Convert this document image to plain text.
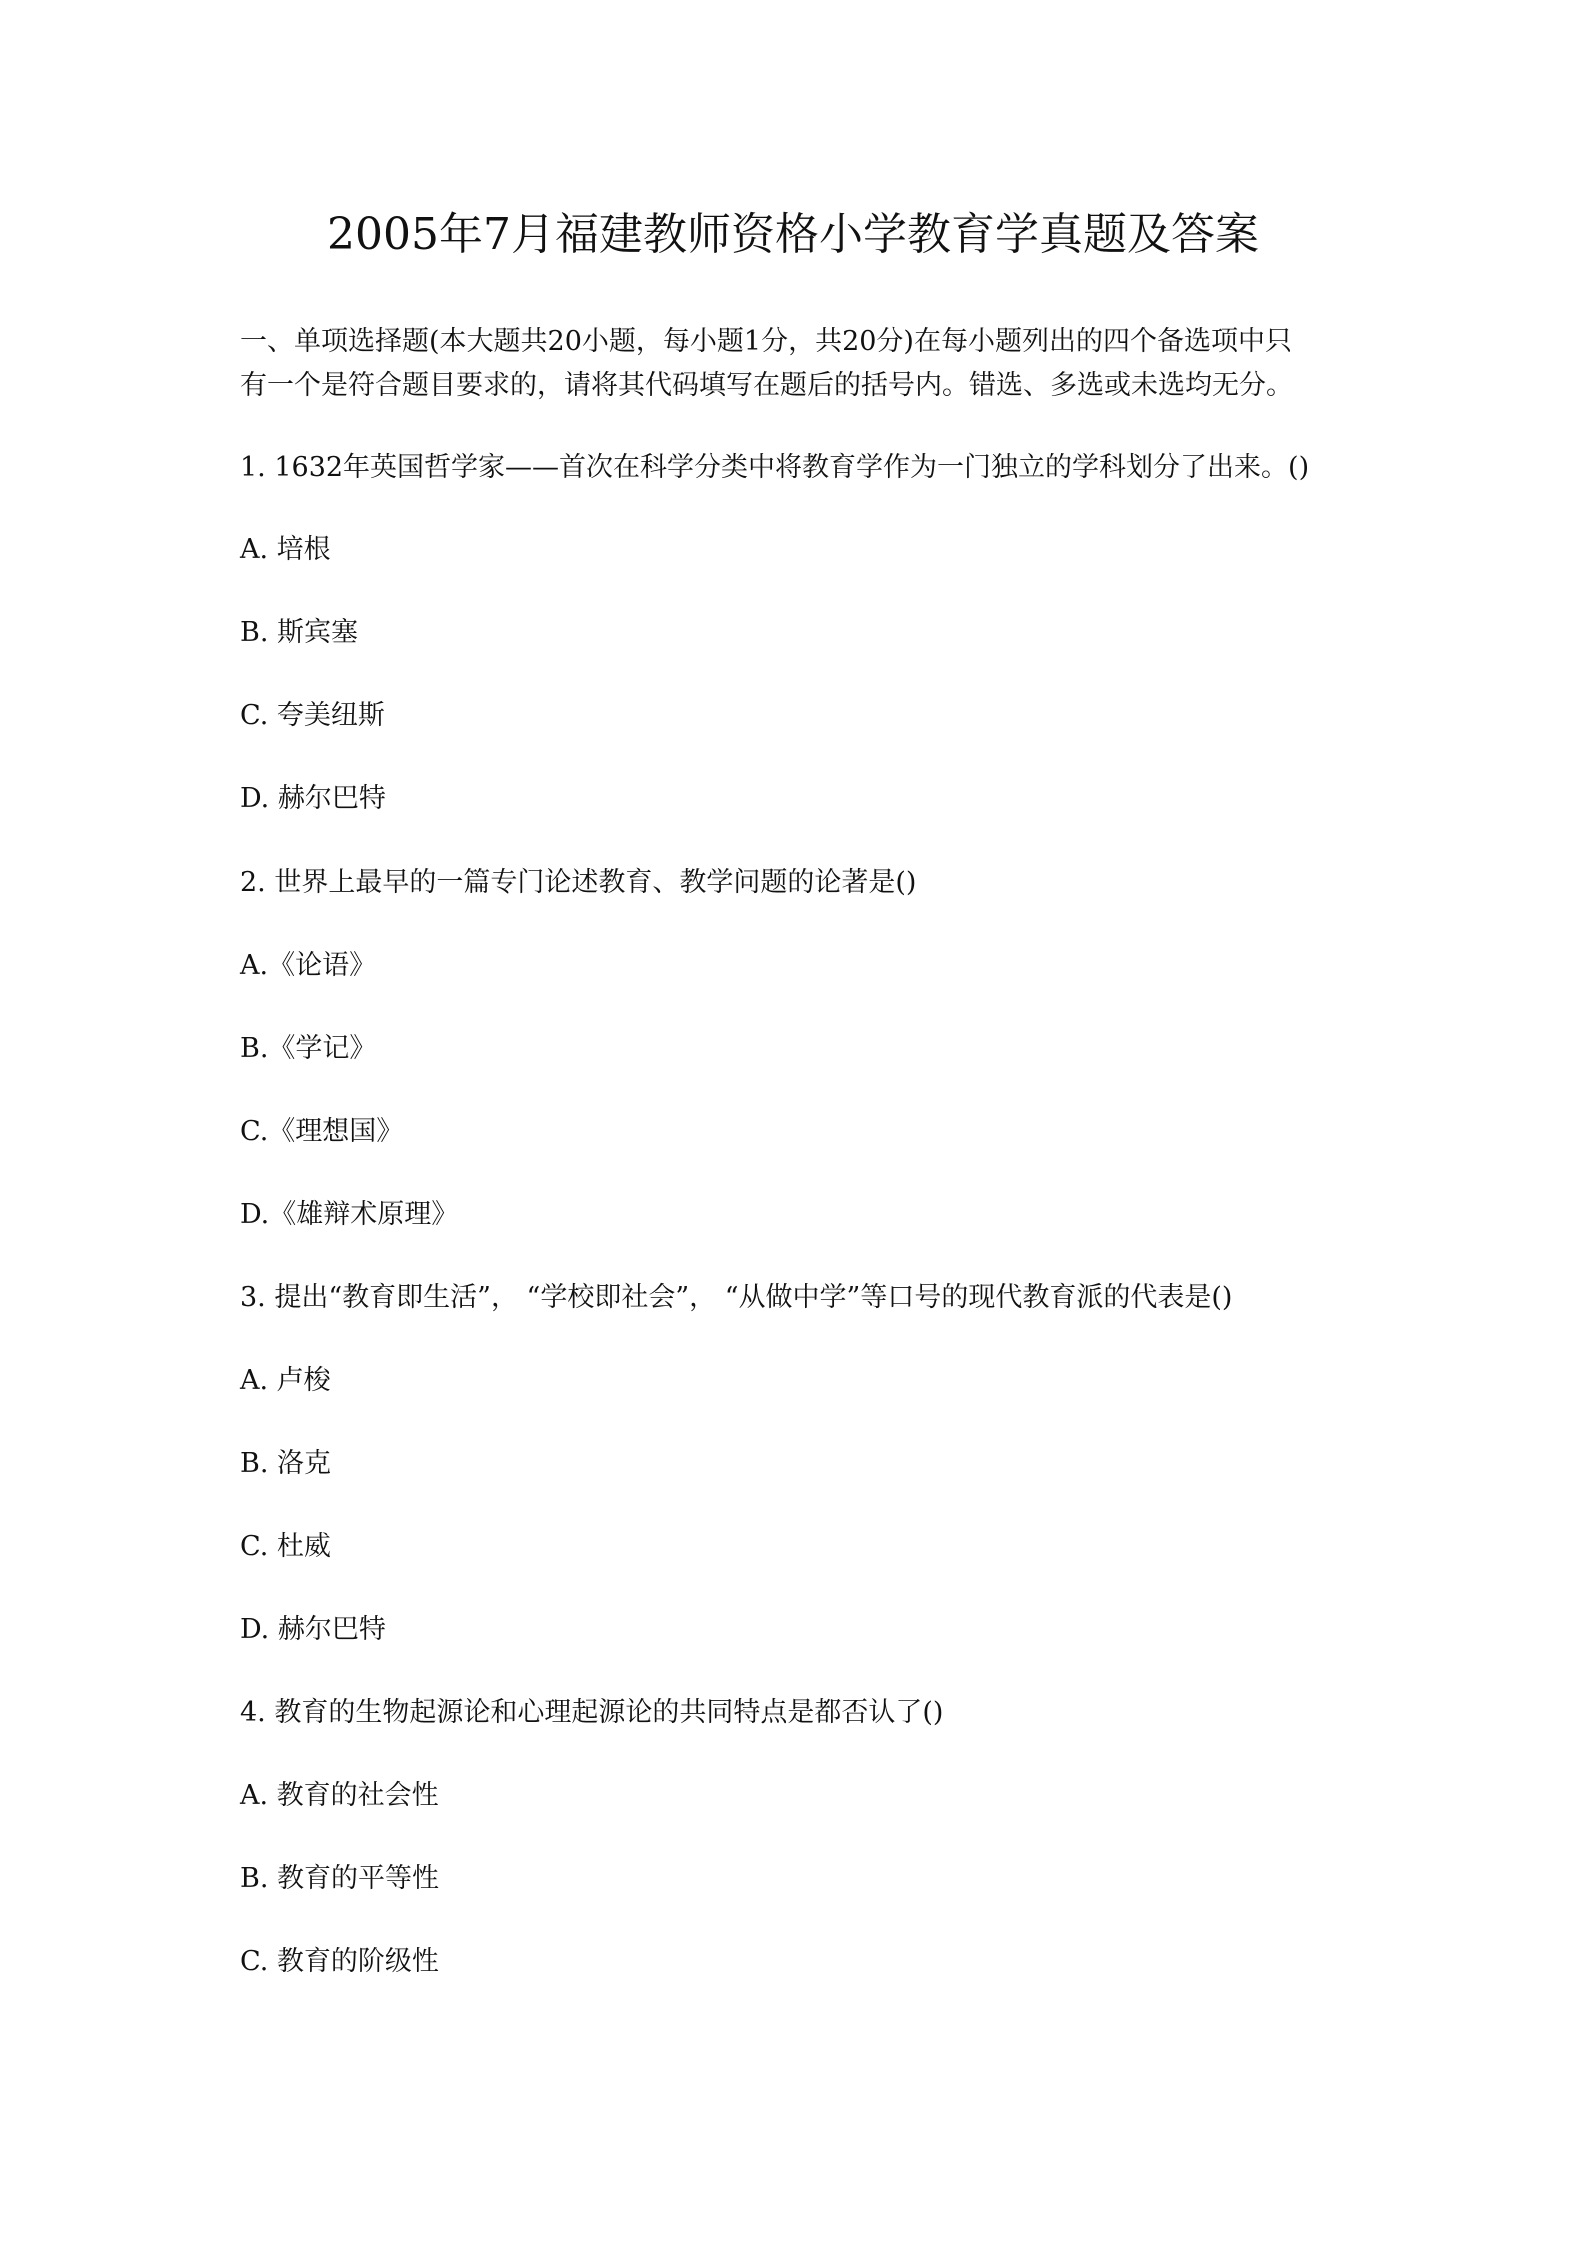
2005年7月福建教师资格小学教育学真题及答案
一、单项选择题(本大题共20小题，每小题1分，共20分)在每小题列出的四个备选项中只
有一个是符合题目要求的，请将其代码填写在题后的括号内。错选、多选或未选均无分。
1. 1632年英国哲学家——首次在科学分类中将教育学作为一门独立的学科划分了出来。()
A. 培根
B. 斯宾塞
C. 夸美纽斯
D. 赫尔巴特
2. 世界上最早的一篇专门论述教育、教学问题的论著是()
A.《论语》
B.《学记》
C.《理想国》
D.《雄辩术原理》
3. 提出“教育即生活”， “学校即社会”， “从做中学”等口号的现代教育派的代表是()
A. 卢梭
B. 洛克
C. 杜威
D. 赫尔巴特
4. 教育的生物起源论和心理起源论的共同特点是都否认了()
A. 教育的社会性
B. 教育的平等性
C. 教育的阶级性
